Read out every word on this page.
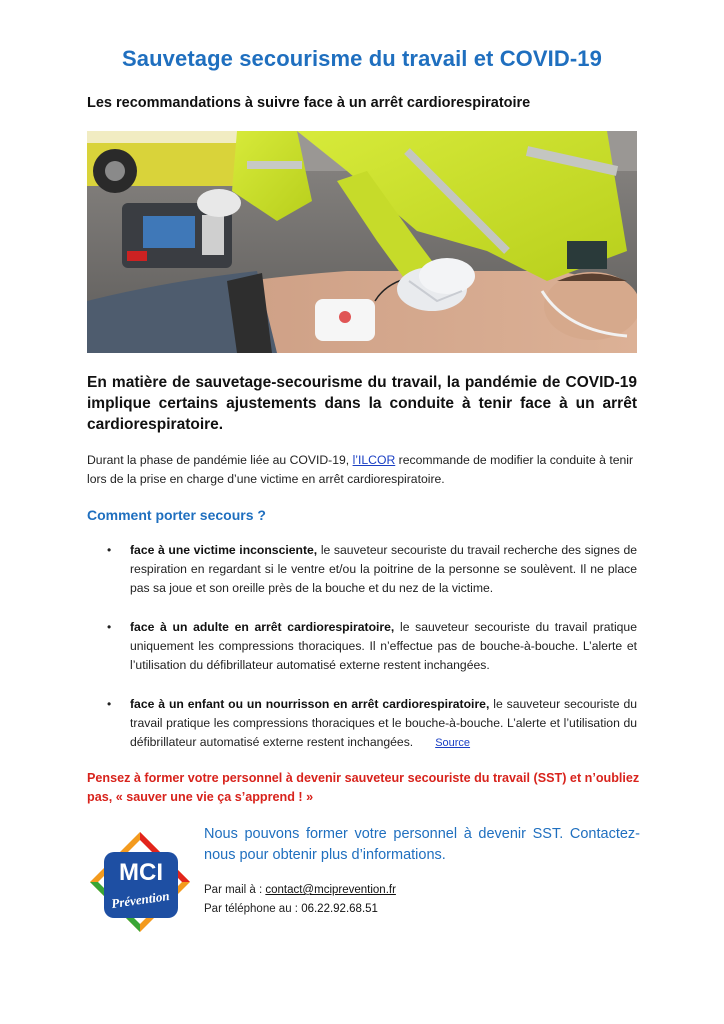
Sauvetage secourisme du travail et COVID-19
Les recommandations à suivre face à un arrêt cardiorespiratoire
En matière de sauvetage-secourisme du travail, la pandémie de COVID-19 implique certains ajustements dans la conduite à tenir face à un arrêt cardiorespiratoire.
Durant la phase de pandémie liée au COVID-19, l’ILCOR recommande de modifier la conduite à tenir lors de la prise en charge d’une victime en arrêt cardiorespiratoire.
Comment porter secours ?
• face à une victime inconsciente, le sauveteur secouriste du travail recherche des signes de respiration en regardant si le ventre et/ou la poitrine de la personne se soulèvent. Il ne place pas sa joue et son oreille près de la bouche et du nez de la victime.
• face à un adulte en arrêt cardiorespiratoire, le sauveteur secouriste du travail pratique uniquement les compressions thoraciques. Il n’effectue pas de bouche-à-bouche. L’alerte et l’utilisation du défibrillateur automatisé externe restent inchangées.
• face à un enfant ou un nourrisson en arrêt cardiorespiratoire, le sauveteur secouriste du travail pratique les compressions thoraciques et le bouche-à-bouche. L’alerte et l’utilisation du défibrillateur automatisé externe restent inchangées. Source
Pensez à former votre personnel à devenir sauveteur secouriste du travail (SST) et n’oubliez pas, « sauver une vie ça s’apprend ! »
MCI
Prévention
Nous pouvons former votre personnel à devenir SST. Contactez-nous pour obtenir plus d’informations.
Par mail à : contact@mciprevention.fr
Par téléphone au : 06.22.92.68.51
